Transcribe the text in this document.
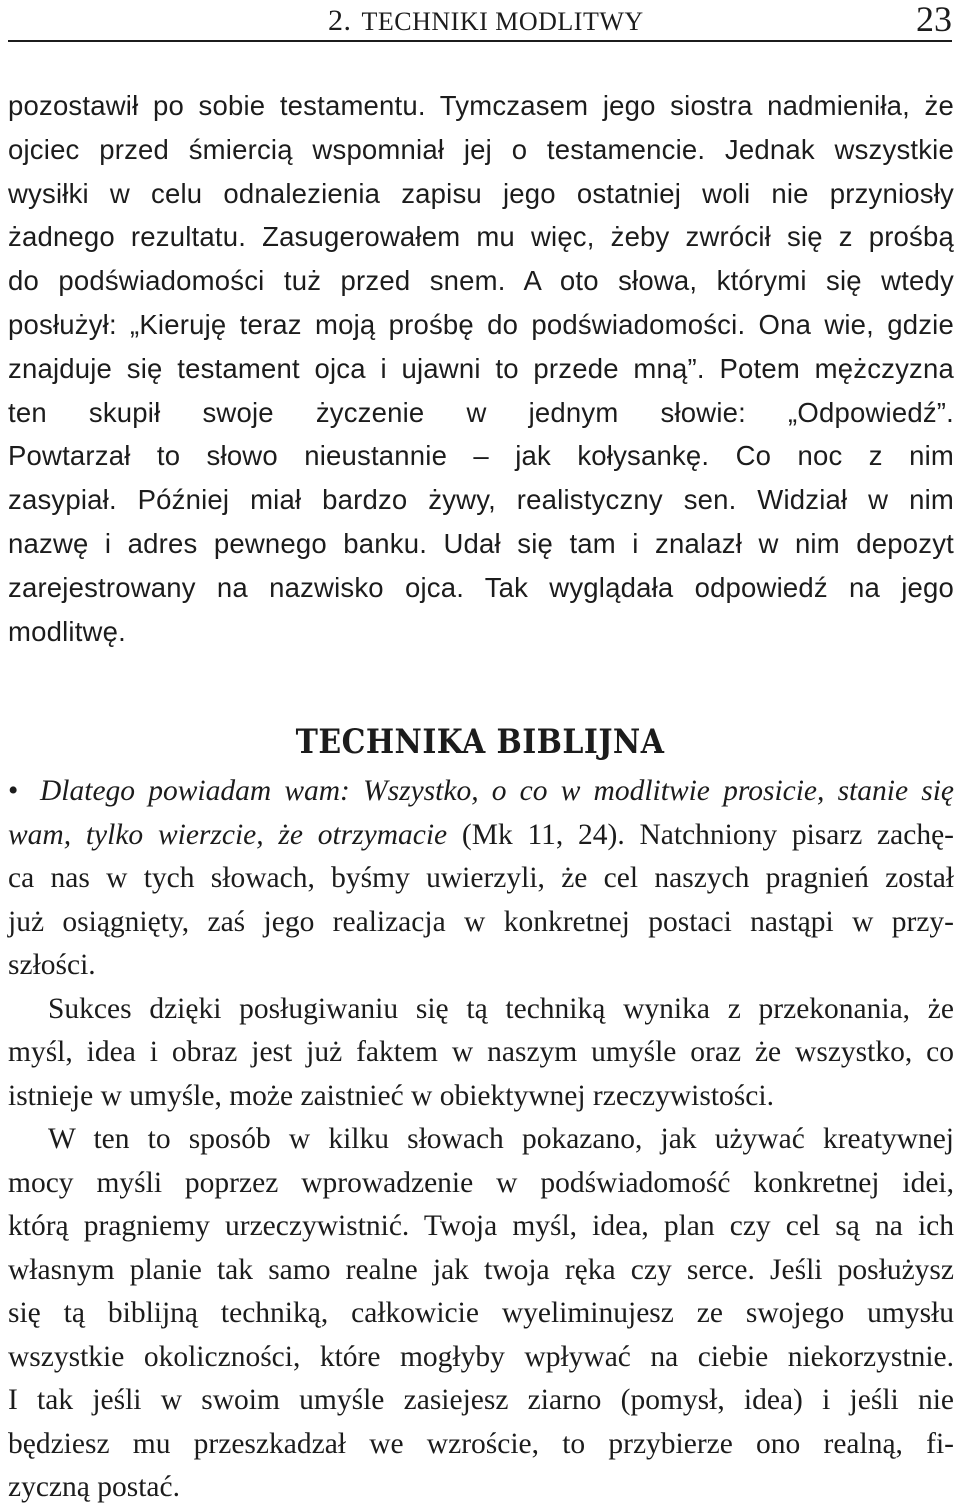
2. TECHNIKI MODLITWY	23
pozostawił po sobie testamentu. Tymczasem jego siostra nadmieniła, że
ojciec przed śmiercią wspomniał jej o testamencie. Jednak wszystkie
wysiłki w celu odnalezienia zapisu jego ostatniej woli nie przyniosły
żadnego rezultatu. Zasugerowałem mu więc, żeby zwrócił się z prośbą
do podświadomości tuż przed snem. A oto słowa, którymi się wtedy
posłużył: „Kieruję teraz moją prośbę do podświadomości. Ona wie, gdzie
znajduje się testament ojca i ujawni to przede mną”. Potem mężczyzna
ten skupił swoje życzenie w jednym słowie: „Odpowiedź”.
Powtarzał to słowo nieustannie – jak kołysankę. Co noc z nim
zasypiał. Później miał bardzo żywy, realistyczny sen. Widział w nim
nazwę i adres pewnego banku. Udał się tam i znalazł w nim depozyt
zarejestrowany na nazwisko ojca. Tak wyglądała odpowiedź na jego
modlitwę.
TECHNIKA BIBLIJNA
• Dlatego powiadam wam: Wszystko, o co w modlitwie prosicie, stanie się
wam, tylko wierzcie, że otrzymacie (Mk 11, 24). Natchniony pisarz zachę-
ca nas w tych słowach, byśmy uwierzyli, że cel naszych pragnień został
już osiągnięty, zaś jego realizacja w konkretnej postaci nastąpi w przy-
szłości.
Sukces dzięki posługiwaniu się tą techniką wynika z przekonania, że
myśl, idea i obraz jest już faktem w naszym umyśle oraz że wszystko, co
istnieje w umyśle, może zaistnieć w obiektywnej rzeczywistości.
W ten to sposób w kilku słowach pokazano, jak używać kreatywnej
mocy myśli poprzez wprowadzenie w podświadomość konkretnej idei,
którą pragniemy urzeczywistnić. Twoja myśl, idea, plan czy cel są na ich
własnym planie tak samo realne jak twoja ręka czy serce. Jeśli posłużysz
się tą biblijną techniką, całkowicie wyeliminujesz ze swojego umysłu
wszystkie okoliczności, które mogłyby wpływać na ciebie niekorzystnie.
I tak jeśli w swoim umyśle zasiejesz ziarno (pomysł, idea) i jeśli nie
będziesz mu przeszkadzał we wzroście, to przybierze ono realną, fi-
zyczną postać.
